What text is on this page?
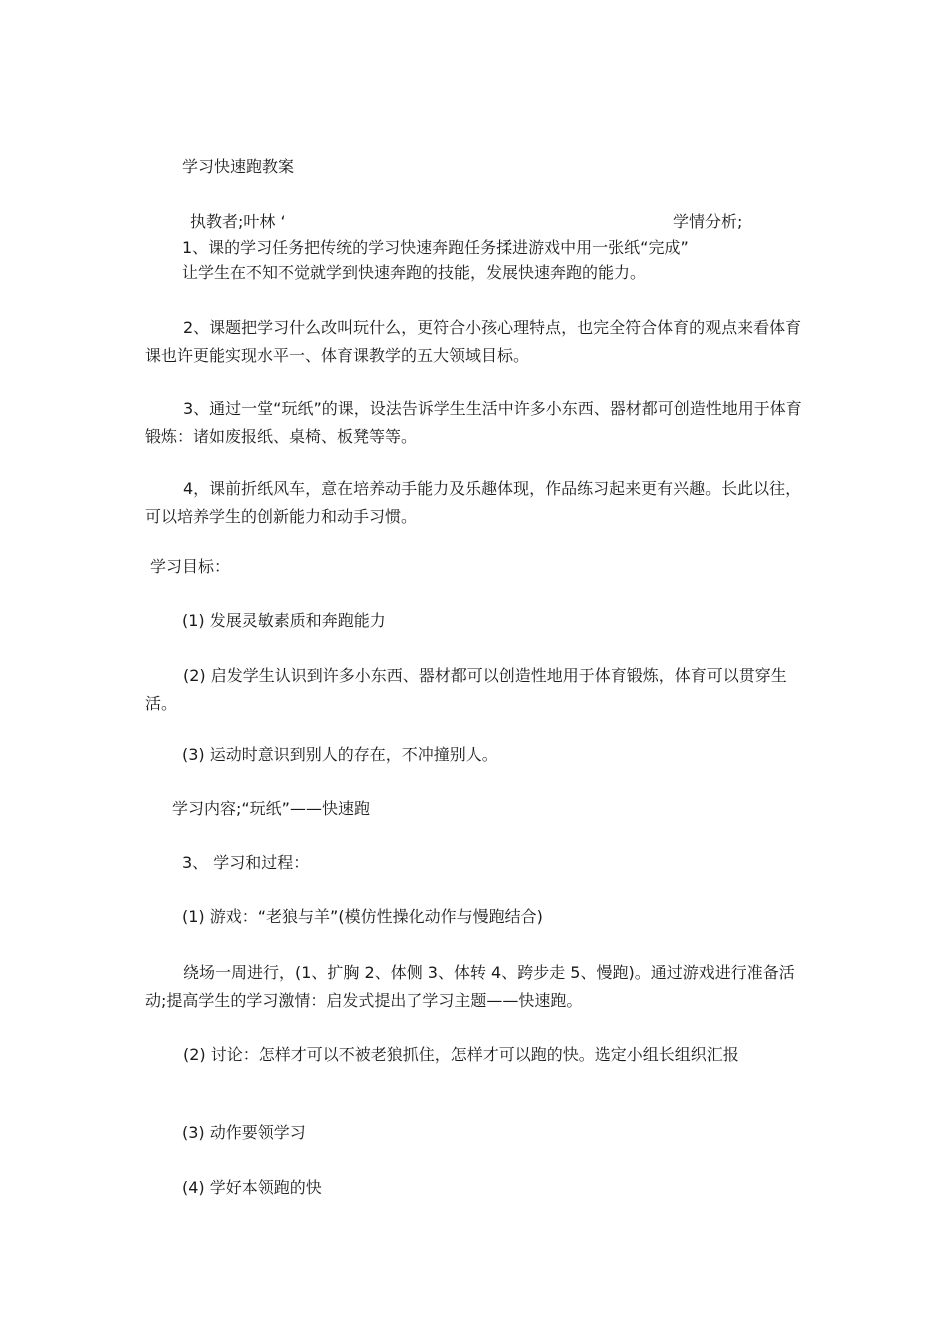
学习快速跑教案
执教者;叶林 ‘	学情分析;
1、课的学习任务把传统的学习快速奔跑任务揉进游戏中用一张纸“完成”
让学生在不知不觉就学到快速奔跑的技能，发展快速奔跑的能力。
2、课题把学习什么改叫玩什么，更符合小孩心理特点，也完全符合体育的观点来看体育课也许更能实现水平一、体育课教学的五大领域目标。
3、通过一堂“玩纸”的课，设法告诉学生生活中许多小东西、器材都可创造性地用于体育锻炼：诸如废报纸、桌椅、板凳等等。
4，课前折纸风车，意在培养动手能力及乐趣体现，作品练习起来更有兴趣。长此以往，可以培养学生的创新能力和动手习惯。
学习目标：
(1) 发展灵敏素质和奔跑能力
(2) 启发学生认识到许多小东西、器材都可以创造性地用于体育锻炼，体育可以贯穿生活。
(3) 运动时意识到别人的存在，不冲撞别人。
学习内容;“玩纸”——快速跑
3、 学习和过程：
(1) 游戏：“老狼与羊”(模仿性操化动作与慢跑结合)
绕场一周进行，(1、扩胸 2、体侧 3、体转 4、跨步走 5、慢跑)。通过游戏进行准备活动;提高学生的学习激情：启发式提出了学习主题——快速跑。
(2) 讨论：怎样才可以不被老狼抓住，怎样才可以跑的快。选定小组长组织汇报
(3) 动作要领学习
(4) 学好本领跑的快
